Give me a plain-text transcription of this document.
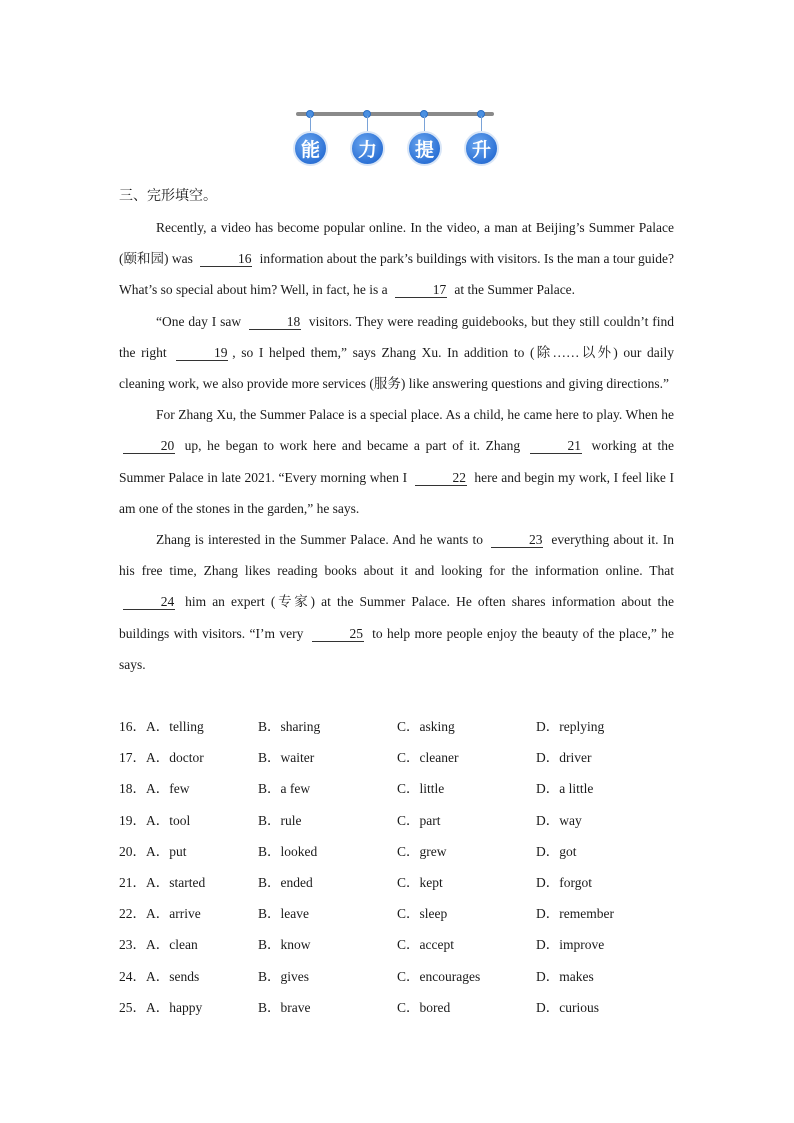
能	力	提	升
三、完形填空。

Recently, a video has become popular online. In the video, a man at Beijing’s Summer Palace (颐和园) was	16 information about the park’s buildings with visitors. Is the man a tour guide? What’s so special about him? Well, in fact, he is a	17 at the Summer Palace.

“One day I saw	18 visitors. They were reading guidebooks, but they still couldn’t find the right	19 , so I helped them,” says Zhang Xu. In addition to (除……以外) our daily cleaning work, we also provide more services (服务) like answering questions and giving directions.”

For Zhang Xu, the Summer Palace is a special place. As a child, he came here to play. When he 20 up, he began to work here and became a part of it. Zhang	21 working at the Summer Palace in late 2021. “Every morning when I	22 here and begin my work, I feel like I am one of the stones in the garden,” he says.

Zhang is interested in the Summer Palace. And he wants to	23 everything about it. In his free time, Zhang likes reading books about it and looking for the information online. That 24 him an expert (专家) at the Summer Palace. He often shares information about the buildings with visitors. “I’m very	25 to help more people enjoy the beauty of the place,” he says.

16．A．telling	B．sharing	C．asking	D．replying
17．A．doctor	B．waiter	C．cleaner	D．driver
18．A．few	B．a few	C．little	D．a little
19．A．tool	B．rule	C．part	D．way
20．A．put	B．looked	C．grew	D．got
21．A．started	B．ended	C．kept	D．forgot
22．A．arrive	B．leave	C．sleep	D．remember
23．A．clean	B．know	C．accept	D．improve
24．A．sends	B．gives	C．encourages	D．makes
25．A．happy	B．brave	C．bored	D．curious
